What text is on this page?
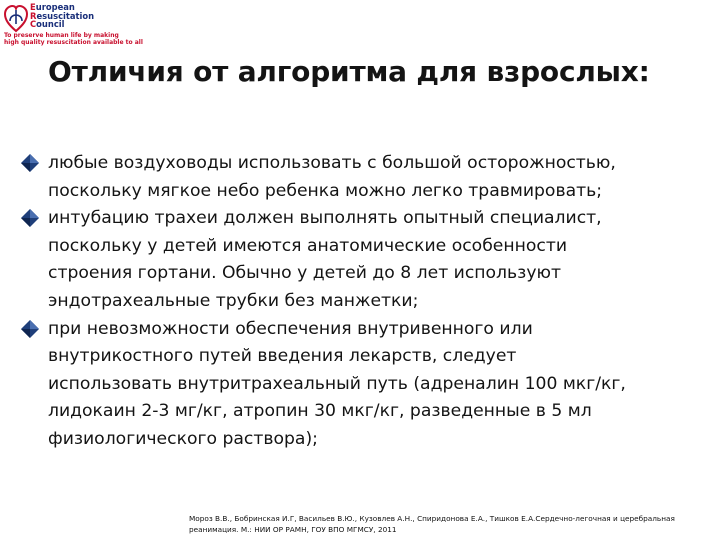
European
Resuscitation
Council
To preserve human life by making
high quality resuscitation available to all
Отличия от алгоритма для взрослых:
любые воздуховоды использовать с большой осторожностью,
поскольку мягкое небо ребенка можно легко травмировать;
интубацию трахеи должен выполнять опытный специалист,
поскольку у детей имеются анатомические особенности
строения гортани. Обычно у детей до 8 лет используют
эндотрахеальные трубки без манжетки;
при невозможности обеспечения внутривенного или
внутрикостного путей введения лекарств, следует
использовать внутритрахеальный путь (адреналин 100 мкг/кг,
лидокаин 2-3 мг/кг, атропин 30 мкг/кг, разведенные в 5 мл
физиологического раствора);

Мороз В.В., Бобринская И.Г, Васильев В.Ю., Кузовлев А.Н., Спиридонова Е.А., Тишков Е.А.Сердечно-легочная и церебральная реанимация. М.: НИИ ОР РАМН, ГОУ ВПО МГМСУ, 2011
